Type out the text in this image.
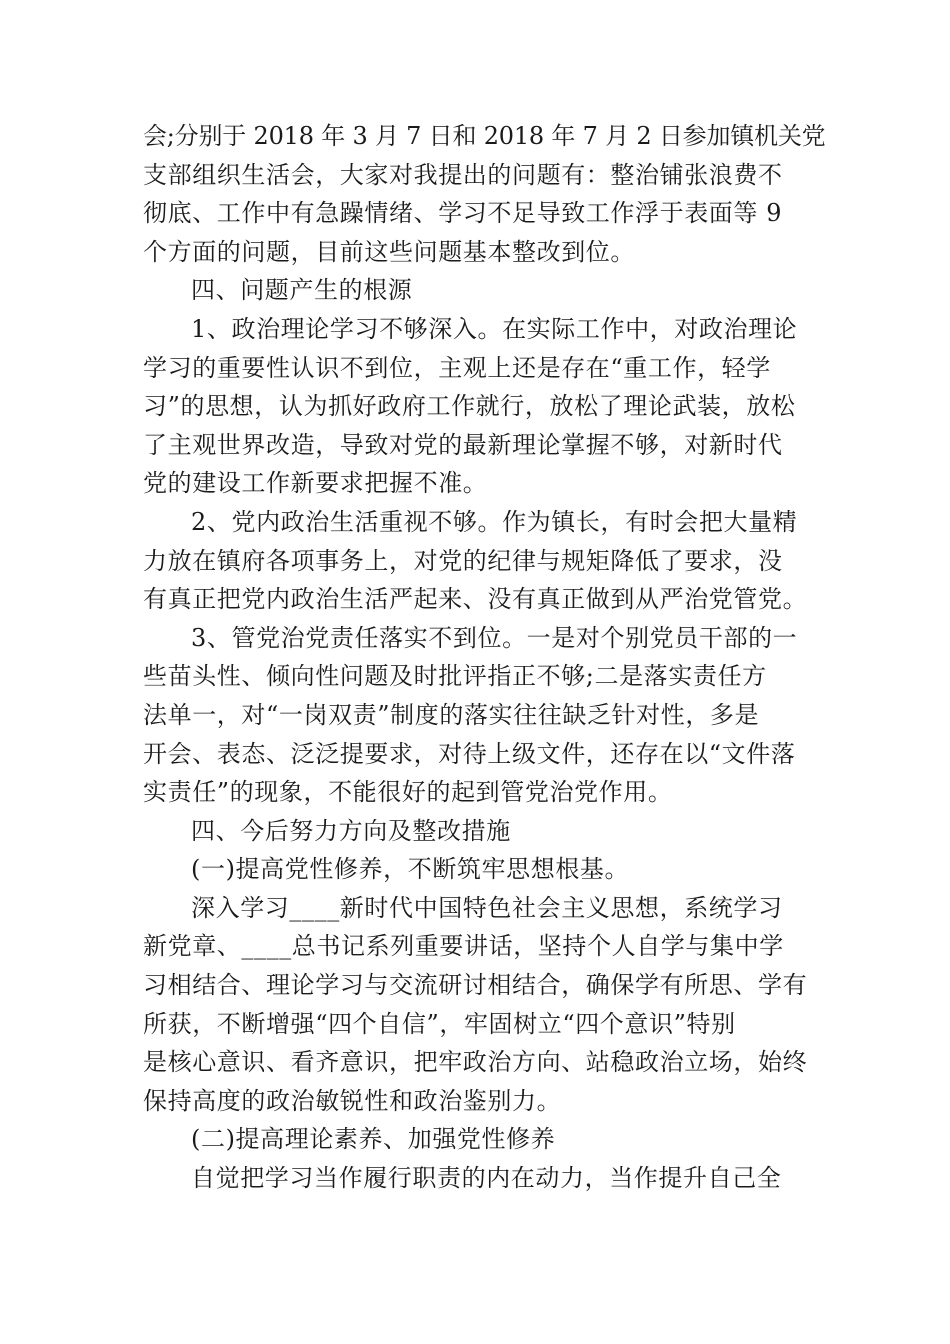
会;分别于 2018 年 3 月 7 日和 2018 年 7 月 2 日参加镇机关党
支部组织生活会，大家对我提出的问题有：整治铺张浪费不
彻底、工作中有急躁情绪、学习不足导致工作浮于表面等 9
个方面的问题，目前这些问题基本整改到位。
四、问题产生的根源
1、政治理论学习不够深入。在实际工作中，对政治理论
学习的重要性认识不到位，主观上还是存在“重工作，轻学
习”的思想，认为抓好政府工作就行，放松了理论武装，放松
了主观世界改造，导致对党的最新理论掌握不够，对新时代
党的建设工作新要求把握不准。
2、党内政治生活重视不够。作为镇长，有时会把大量精
力放在镇府各项事务上，对党的纪律与规矩降低了要求，没
有真正把党内政治生活严起来、没有真正做到从严治党管党。
3、管党治党责任落实不到位。一是对个别党员干部的一
些苗头性、倾向性问题及时批评指正不够;二是落实责任方
法单一，对“一岗双责”制度的落实往往缺乏针对性，多是
开会、表态、泛泛提要求，对待上级文件，还存在以“文件落
实责任”的现象，不能很好的起到管党治党作用。
四、今后努力方向及整改措施
(一)提高党性修养，不断筑牢思想根基。
深入学习____新时代中国特色社会主义思想，系统学习
新党章、____总书记系列重要讲话，坚持个人自学与集中学
习相结合、理论学习与交流研讨相结合，确保学有所思、学有
所获，不断增强“四个自信”，牢固树立“四个意识”特别
是核心意识、看齐意识，把牢政治方向、站稳政治立场，始终
保持高度的政治敏锐性和政治鉴别力。
(二)提高理论素养、加强党性修养
自觉把学习当作履行职责的内在动力，当作提升自己全
